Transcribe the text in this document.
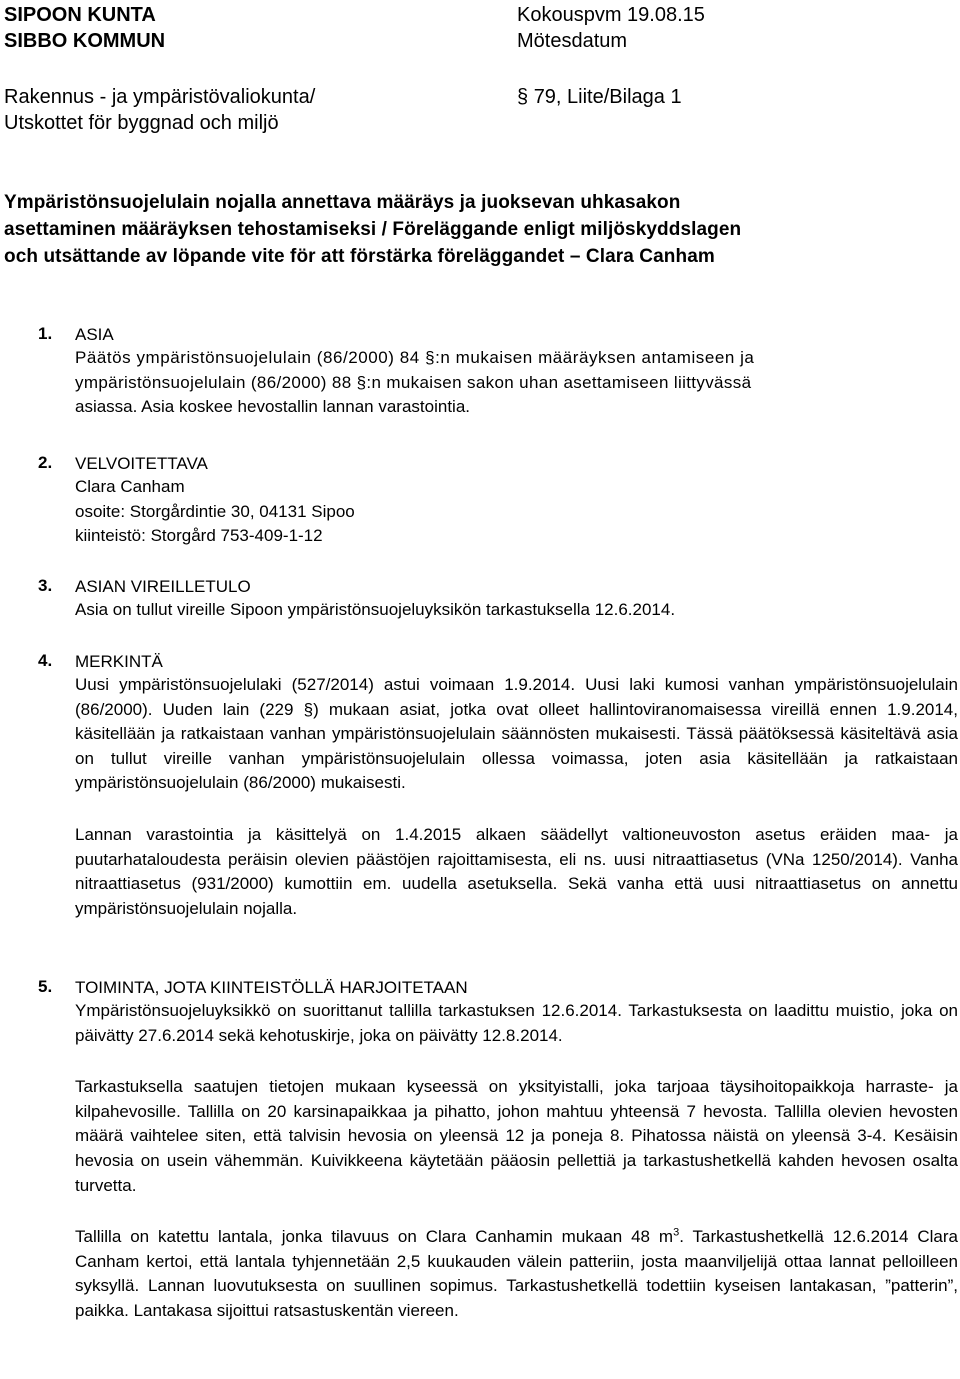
SIPOON KUNTA
SIBBO KOMMUN
Kokouspvm 19.08.15
Mötesdatum
Rakennus - ja ympäristövaliokunta/
Utskottet för byggnad och miljö
§ 79, Liite/Bilaga 1
Ympäristönsuojelulain nojalla annettava määräys ja juoksevan uhkasakon
asettaminen määräyksen tehostamiseksi / Föreläggande enligt miljöskyddslagen
och utsättande av löpande vite för att förstärka föreläggandet – Clara Canham
1. ASIA
Päätös ympäristönsuojelulain (86/2000) 84 §:n mukaisen määräyksen antamiseen ja
ympäristönsuojelulain (86/2000) 88 §:n mukaisen sakon uhan asettamiseen liittyvässä
asiassa. Asia koskee hevostallin lannan varastointia.
2. VELVOITETTAVA
Clara Canham
osoite: Storgårdintie 30, 04131 Sipoo
kiinteistö: Storgård 753-409-1-12
3. ASIAN VIREILLETULO
Asia on tullut vireille Sipoon ympäristönsuojeluyksikön tarkastuksella 12.6.2014.
4. MERKINTÄ

Uusi ympäristönsuojelulaki (527/2014) astui voimaan 1.9.2014. Uusi laki kumosi vanhan ympäristönsuojelulain (86/2000). Uuden lain (229 §) mukaan asiat, jotka ovat olleet hallintoviranomaisessa vireillä ennen 1.9.2014, käsitellään ja ratkaistaan vanhan ympäristönsuojelulain säännösten mukaisesti. Tässä päätöksessä käsiteltävä asia on tullut vireille vanhan ympäristönsuojelulain ollessa voimassa, joten asia käsitellään ja ratkaistaan ympäristönsuojelulain (86/2000) mukaisesti.

Lannan varastointia ja käsittelyä on 1.4.2015 alkaen säädellyt valtioneuvoston asetus eräiden maa- ja puutarhataloudesta peräisin olevien päästöjen rajoittamisesta, eli ns. uusi nitraattiasetus (VNa 1250/2014). Vanha nitraattiasetus (931/2000) kumottiin em. uudella asetuksella. Sekä vanha että uusi nitraattiasetus on annettu ympäristönsuojelulain nojalla.

5. TOIMINTA, JOTA KIINTEISTÖLLÄ HARJOITETAAN

Ympäristönsuojeluyksikkö on suorittanut tallilla tarkastuksen 12.6.2014. Tarkastuksesta on laadittu muistio, joka on päivätty 27.6.2014 sekä kehotuskirje, joka on päivätty 12.8.2014.

Tarkastuksella saatujen tietojen mukaan kyseessä on yksityistalli, joka tarjoaa täysihoitopaikkoja harraste- ja kilpahevosille. Tallilla on 20 karsinapaikkaa ja pihatto, johon mahtuu yhteensä 7 hevosta. Tallilla olevien hevosten määrä vaihtelee siten, että talvisin hevosia on yleensä 12 ja poneja 8. Pihatossa näistä on yleensä 3-4. Kesäisin hevosia on usein vähemmän. Kuivikkeena käytetään pääosin pellettiä ja tarkastushetkellä kahden hevosen osalta turvetta.

Tallilla on katettu lantala, jonka tilavuus on Clara Canhamin mukaan 48 $m^3$. Tarkastushetkellä 12.6.2014 Clara Canham kertoi, että lantala tyhjennetään 2,5 kuukauden välein patteriin, josta maanviljelijä ottaa lannat pelloilleen syksyllä. Lannan luovutuksesta on suullinen sopimus. Tarkastushetkellä todettiin kyseisen lantakasan, ”patterin”, paikka. Lantakasa sijoittui ratsastuskentän viereen.
